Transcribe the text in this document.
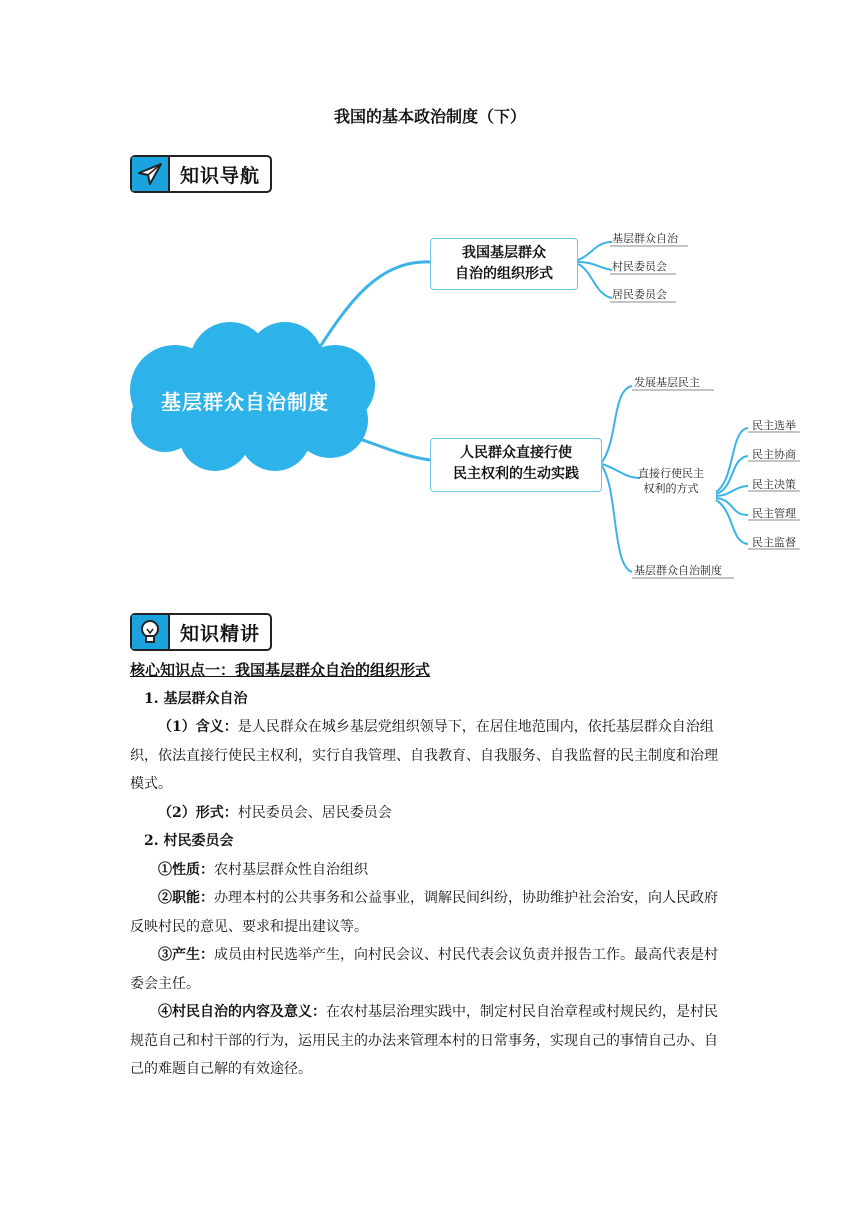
我国的基本政治制度（下）
知识导航
基层群众自治制度
我国基层群众
自治的组织形式
基层群众自治
村民委员会
居民委员会
人民群众直接行使
民主权利的生动实践
发展基层民主
直接行使民主
权利的方式
基层群众自治制度
民主选举
民主协商
民主决策
民主管理
民主监督
知识精讲

核心知识点一：我国基层群众自治的组织形式

1. 基层群众自治

（1）含义：是人民群众在城乡基层党组织领导下，在居住地范围内，依托基层群众自治组织，依法直接行使民主权利，实行自我管理、自我教育、自我服务、自我监督的民主制度和治理模式。

（2）形式：村民委员会、居民委员会

2. 村民委员会

①性质：农村基层群众性自治组织

②职能：办理本村的公共事务和公益事业，调解民间纠纷，协助维护社会治安，向人民政府反映村民的意见、要求和提出建议等。

③产生：成员由村民选举产生，向村民会议、村民代表会议负责并报告工作。最高代表是村委会主任。

④村民自治的内容及意义：在农村基层治理实践中，制定村民自治章程或村规民约，是村民规范自己和村干部的行为，运用民主的办法来管理本村的日常事务，实现自己的事情自己办、自己的难题自己解的有效途径。
